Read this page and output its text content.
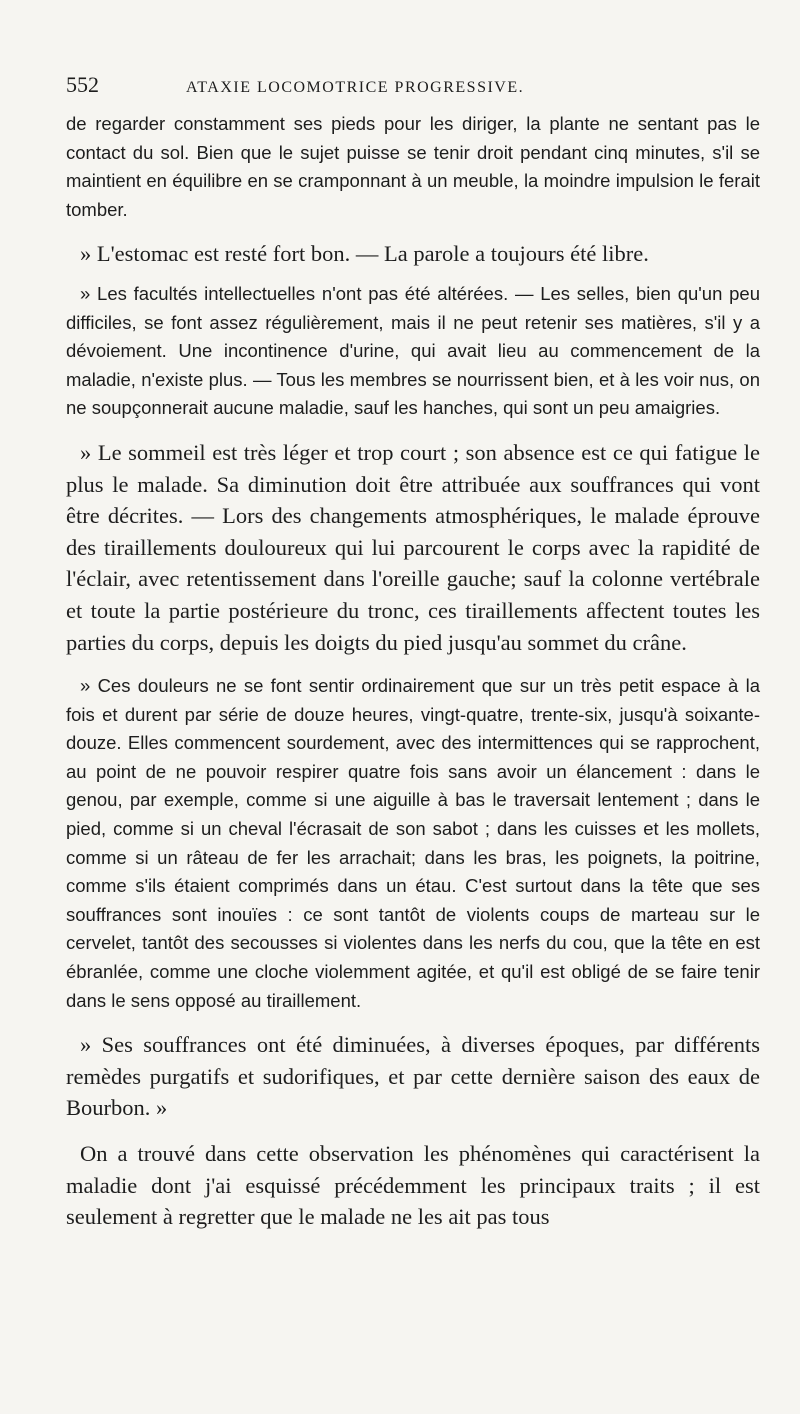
552	ATAXIE LOCOMOTRICE PROGRESSIVE.

de regarder constamment ses pieds pour les diriger, la plante ne sentant pas le contact du sol. Bien que le sujet puisse se tenir droit pendant cinq minutes, s'il se maintient en équilibre en se cramponnant à un meuble, la moindre impulsion le ferait tomber.

» L'estomac est resté fort bon. — La parole a toujours été libre.

» Les facultés intellectuelles n'ont pas été altérées. — Les selles, bien qu'un peu difficiles, se font assez régulièrement, mais il ne peut retenir ses matières, s'il y a dévoiement. Une incontinence d'urine, qui avait lieu au commencement de la maladie, n'existe plus. — Tous les membres se nourrissent bien, et à les voir nus, on ne soupçonnerait aucune maladie, sauf les hanches, qui sont un peu amaigries.

» Le sommeil est très léger et trop court ; son absence est ce qui fatigue le plus le malade. Sa diminution doit être attribuée aux souffrances qui vont être décrites. — Lors des changements atmosphériques, le malade éprouve des tiraillements douloureux qui lui parcourent le corps avec la rapidité de l'éclair, avec retentissement dans l'oreille gauche; sauf la colonne vertébrale et toute la partie postérieure du tronc, ces tiraillements affectent toutes les parties du corps, depuis les doigts du pied jusqu'au sommet du crâne.

» Ces douleurs ne se font sentir ordinairement que sur un très petit espace à la fois et durent par série de douze heures, vingt-quatre, trente-six, jusqu'à soixante-douze. Elles commencent sourdement, avec des intermittences qui se rapprochent, au point de ne pouvoir respirer quatre fois sans avoir un élancement : dans le genou, par exemple, comme si une aiguille à bas le traversait lentement ; dans le pied, comme si un cheval l'écrasait de son sabot ; dans les cuisses et les mollets, comme si un râteau de fer les arrachait; dans les bras, les poignets, la poitrine, comme s'ils étaient comprimés dans un étau. C'est surtout dans la tête que ses souffrances sont inouïes : ce sont tantôt de violents coups de marteau sur le cervelet, tantôt des secousses si violentes dans les nerfs du cou, que la tête en est ébranlée, comme une cloche violemment agitée, et qu'il est obligé de se faire tenir dans le sens opposé au tiraillement.

» Ses souffrances ont été diminuées, à diverses époques, par différents remèdes purgatifs et sudorifiques, et par cette dernière saison des eaux de Bourbon. »

On a trouvé dans cette observation les phénomènes qui caractérisent la maladie dont j'ai esquissé précédemment les principaux traits ; il est seulement à regretter que le malade ne les ait pas tous
